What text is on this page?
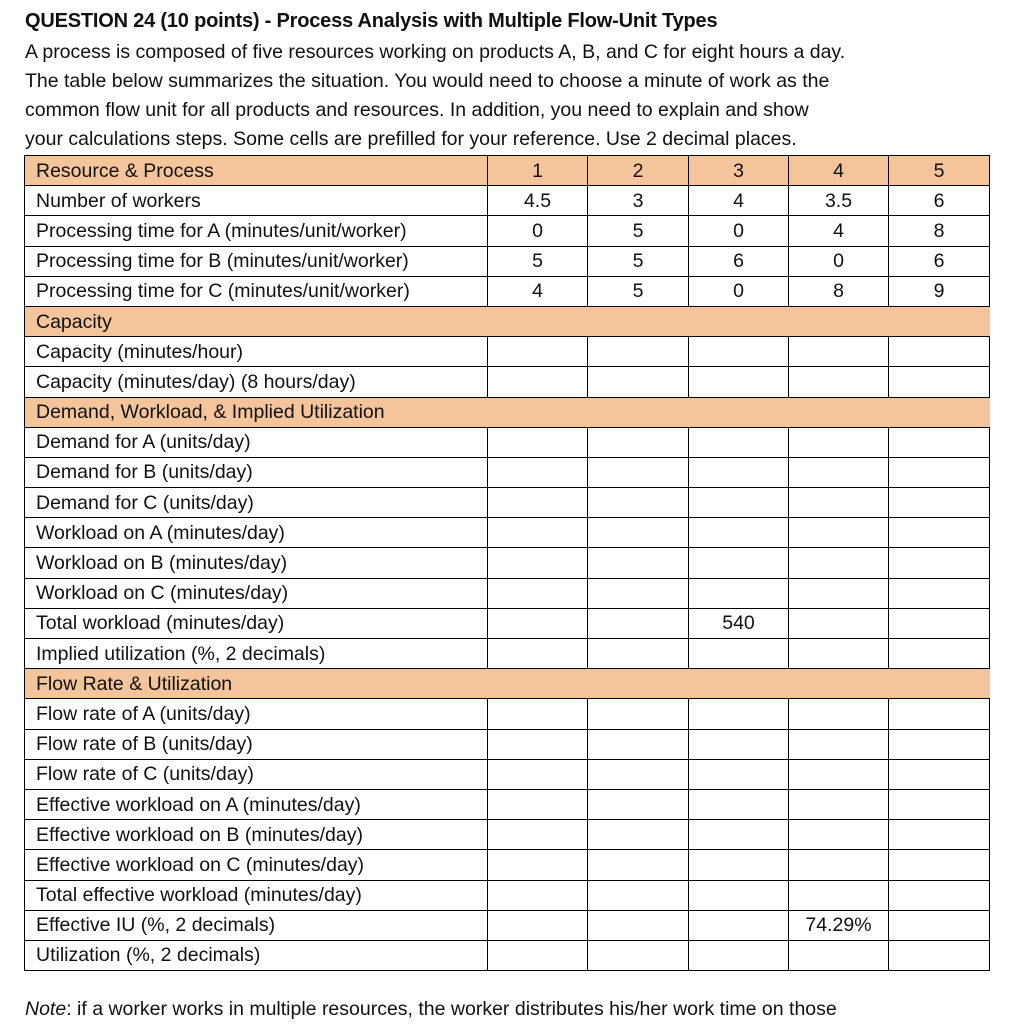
QUESTION 24 (10 points) - Process Analysis with Multiple Flow-Unit Types

A process is composed of five resources working on products A, B, and C for eight hours a day.

The table below summarizes the situation. You would need to choose a minute of work as the

common flow unit for all products and resources. In addition, you need to explain and show

your calculations steps. Some cells are prefilled for your reference. Use 2 decimal places.

Resource & Process	1	2	3	4	5
Number of workers	4.5	3	4	3.5	6
Processing time for A (minutes/unit/worker)	0	5	0	4	8
Processing time for B (minutes/unit/worker)	5	5	6	0	6
Processing time for C (minutes/unit/worker)	4	5	0	8	9
Capacity					
Capacity (minutes/hour)					
Capacity (minutes/day) (8 hours/day)					
Demand, Workload, & Implied Utilization					
Demand for A (units/day)					
Demand for B (units/day)					
Demand for C (units/day)					
Workload on A (minutes/day)					
Workload on B (minutes/day)					
Workload on C (minutes/day)					
Total workload (minutes/day)			540		
Implied utilization (%, 2 decimals)					
Flow Rate & Utilization					
Flow rate of A (units/day)					
Flow rate of B (units/day)					
Flow rate of C (units/day)					
Effective workload on A (minutes/day)					
Effective workload on B (minutes/day)					
Effective workload on C (minutes/day)					
Total effective workload (minutes/day)					
Effective IU (%, 2 decimals)				74.29%	
Utilization (%, 2 decimals)					
Note: if a worker works in multiple resources, the worker distributes his/her work time on those
